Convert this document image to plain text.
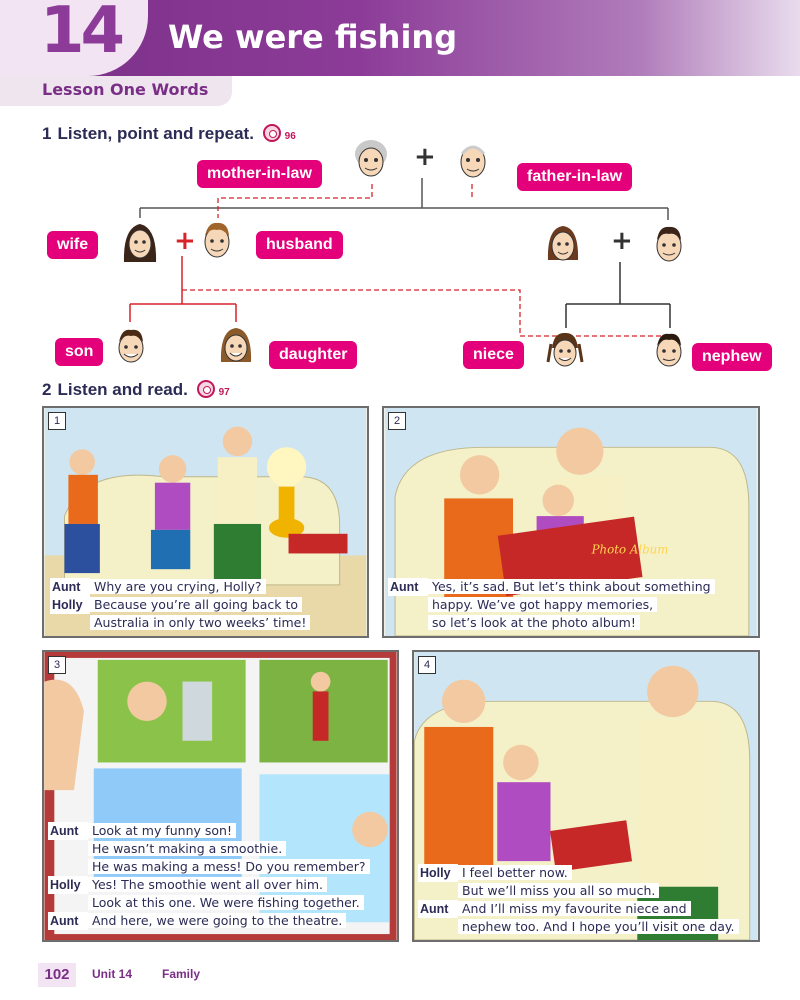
14 We were fishing
Lesson One Words
1 Listen, point and repeat.	96
+
mother-in-law	father-in-law
wife	+	husband	+
son	daughter	niece	nephew
2 Listen and read.	97
1
Aunt Why are you crying, Holly?
Holly Because you’re all going back to
Australia in only two weeks’ time!
Photo Album
2
Aunt Yes, it’s sad. But let’s think about something
happy. We’ve got happy memories,
so let’s look at the photo album!
3
Aunt Look at my funny son!
He wasn’t making a smoothie.
He was making a mess! Do you remember?
Holly Yes! The smoothie went all over him.
Look at this one. We were fishing together.
Aunt And here, we were going to the theatre.
4
Holly I feel better now.
But we’ll miss you all so much.
Aunt And I’ll miss my favourite niece and
nephew too. And I hope you’ll visit one day.
102	Unit 14 Family
